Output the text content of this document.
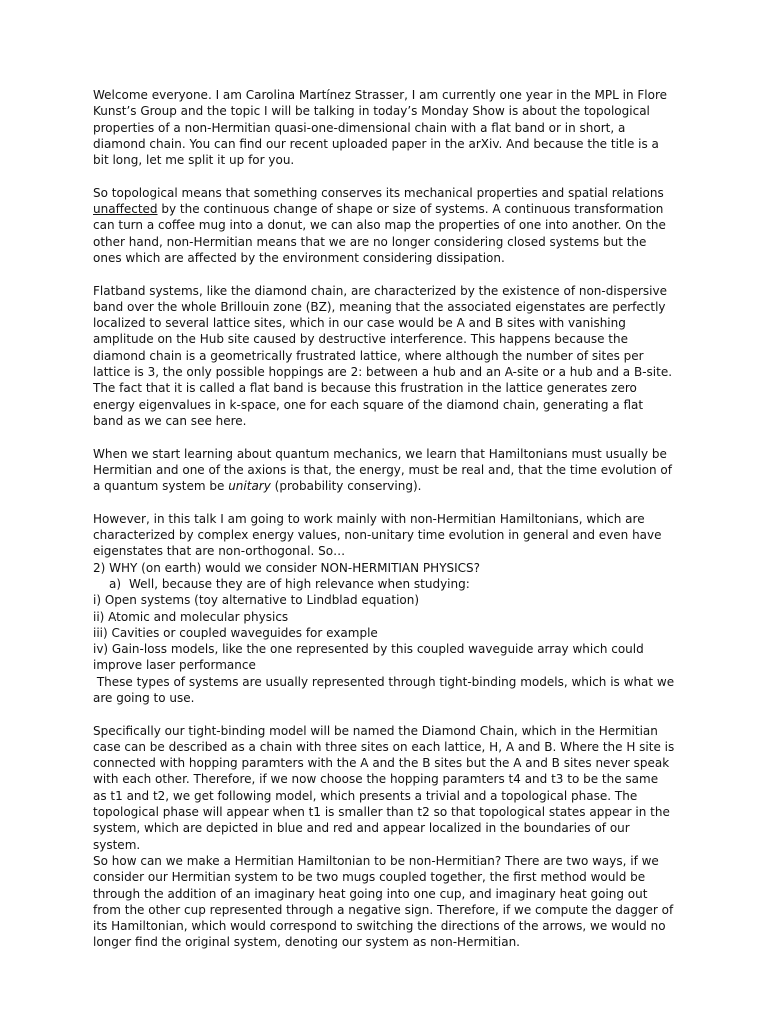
Welcome everyone. I am Carolina Martínez Strasser, I am currently one year in the MPL in Flore Kunst’s Group and the topic I will be talking in today’s Monday Show is about the topological properties of a non-Hermitian quasi-one-dimensional chain with a flat band or in short, a diamond chain. You can find our recent uploaded paper in the arXiv. And because the title is a bit long, let me split it up for you.

So topological means that something conserves its mechanical properties and spatial relations unaffected by the continuous change of shape or size of systems. A continuous transformation can turn a coffee mug into a donut, we can also map the properties of one into another. On the other hand, non-Hermitian means that we are no longer considering closed systems but the ones which are affected by the environment considering dissipation.

Flatband systems, like the diamond chain, are characterized by the existence of non-dispersive band over the whole Brillouin zone (BZ), meaning that the associated eigenstates are perfectly localized to several lattice sites, which in our case would be A and B sites with vanishing amplitude on the Hub site caused by destructive interference. This happens because the diamond chain is a geometrically frustrated lattice, where although the number of sites per lattice is 3, the only possible hoppings are 2: between a hub and an A-site or a hub and a B-site. The fact that it is called a flat band is because this frustration in the lattice generates zero energy eigenvalues in k-space, one for each square of the diamond chain, generating a flat band as we can see here.

When we start learning about quantum mechanics, we learn that Hamiltonians must usually be Hermitian and one of the axions is that, the energy, must be real and, that the time evolution of a quantum system be unitary (probability conserving).

However, in this talk I am going to work mainly with non-Hermitian Hamiltonians, which are characterized by complex energy values, non-unitary time evolution in general and even have eigenstates that are non-orthogonal. So…

2) WHY (on earth) would we consider NON-HERMITIAN PHYSICS?

a) Well, because they are of high relevance when studying:

i) Open systems (toy alternative to Lindblad equation)

ii) Atomic and molecular physics

iii) Cavities or coupled waveguides for example

iv) Gain-loss models, like the one represented by this coupled waveguide array which could improve laser performance

These types of systems are usually represented through tight-binding models, which is what we are going to use.

Specifically our tight-binding model will be named the Diamond Chain, which in the Hermitian case can be described as a chain with three sites on each lattice, H, A and B. Where the H site is connected with hopping paramters with the A and the B sites but the A and B sites never speak with each other. Therefore, if we now choose the hopping paramters t4 and t3 to be the same as t1 and t2, we get following model, which presents a trivial and a topological phase. The topological phase will appear when t1 is smaller than t2 so that topological states appear in the system, which are depicted in blue and red and appear localized in the boundaries of our system.

So how can we make a Hermitian Hamiltonian to be non-Hermitian? There are two ways, if we consider our Hermitian system to be two mugs coupled together, the first method would be through the addition of an imaginary heat going into one cup, and imaginary heat going out from the other cup represented through a negative sign. Therefore, if we compute the dagger of its Hamiltonian, which would correspond to switching the directions of the arrows, we would no longer find the original system, denoting our system as non-Hermitian.
